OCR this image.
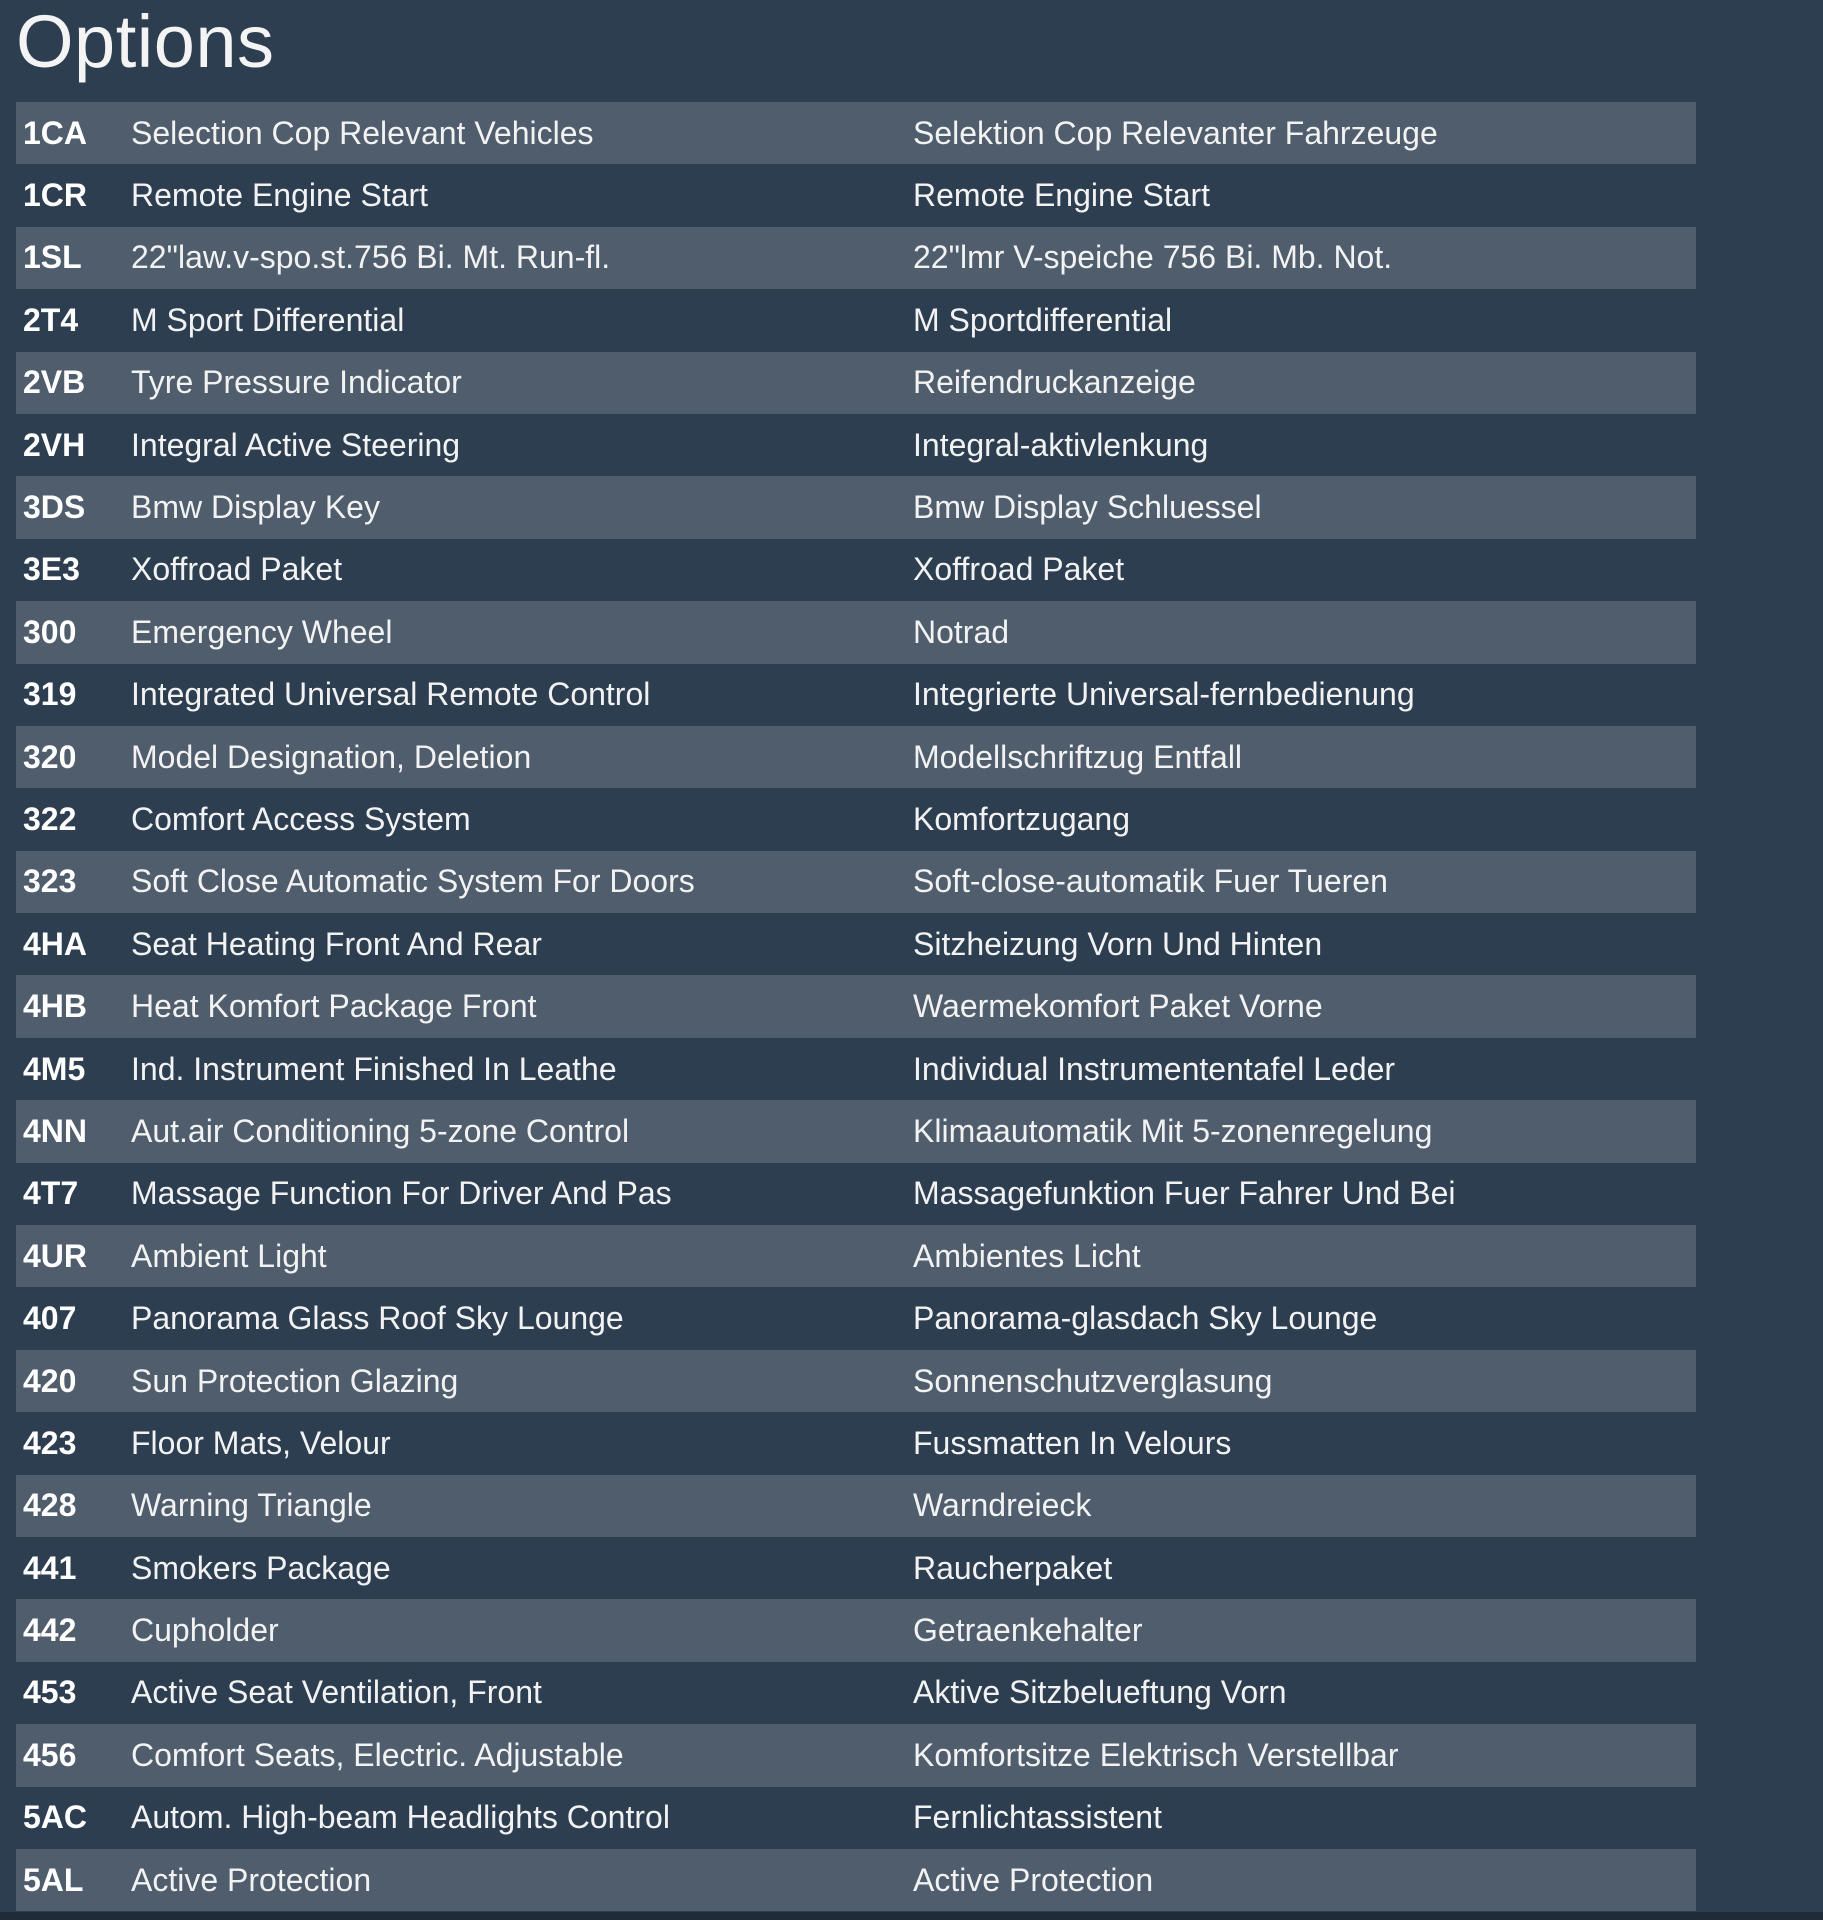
Options
1CA	Selection Cop Relevant Vehicles	Selektion Cop Relevanter Fahrzeuge
1CR	Remote Engine Start	Remote Engine Start
1SL	22"law.v-spo.st.756 Bi. Mt. Run-fl.	22"lmr V-speiche 756 Bi. Mb. Not.
2T4	M Sport Differential	M Sportdifferential
2VB	Tyre Pressure Indicator	Reifendruckanzeige
2VH	Integral Active Steering	Integral-aktivlenkung
3DS	Bmw Display Key	Bmw Display Schluessel
3E3	Xoffroad Paket	Xoffroad Paket
300	Emergency Wheel	Notrad
319	Integrated Universal Remote Control	Integrierte Universal-fernbedienung
320	Model Designation, Deletion	Modellschriftzug Entfall
322	Comfort Access System	Komfortzugang
323	Soft Close Automatic System For Doors	Soft-close-automatik Fuer Tueren
4HA	Seat Heating Front And Rear	Sitzheizung Vorn Und Hinten
4HB	Heat Komfort Package Front	Waermekomfort Paket Vorne
4M5	Ind. Instrument Finished In Leathe	Individual Instrumententafel Leder
4NN	Aut.air Conditioning 5-zone Control	Klimaautomatik Mit 5-zonenregelung
4T7	Massage Function For Driver And Pas	Massagefunktion Fuer Fahrer Und Bei
4UR	Ambient Light	Ambientes Licht
407	Panorama Glass Roof Sky Lounge	Panorama-glasdach Sky Lounge
420	Sun Protection Glazing	Sonnenschutzverglasung
423	Floor Mats, Velour	Fussmatten In Velours
428	Warning Triangle	Warndreieck
441	Smokers Package	Raucherpaket
442	Cupholder	Getraenkehalter
453	Active Seat Ventilation, Front	Aktive Sitzbelueftung Vorn
456	Comfort Seats, Electric. Adjustable	Komfortsitze Elektrisch Verstellbar
5AC	Autom. High-beam Headlights Control	Fernlichtassistent
5AL	Active Protection	Active Protection
